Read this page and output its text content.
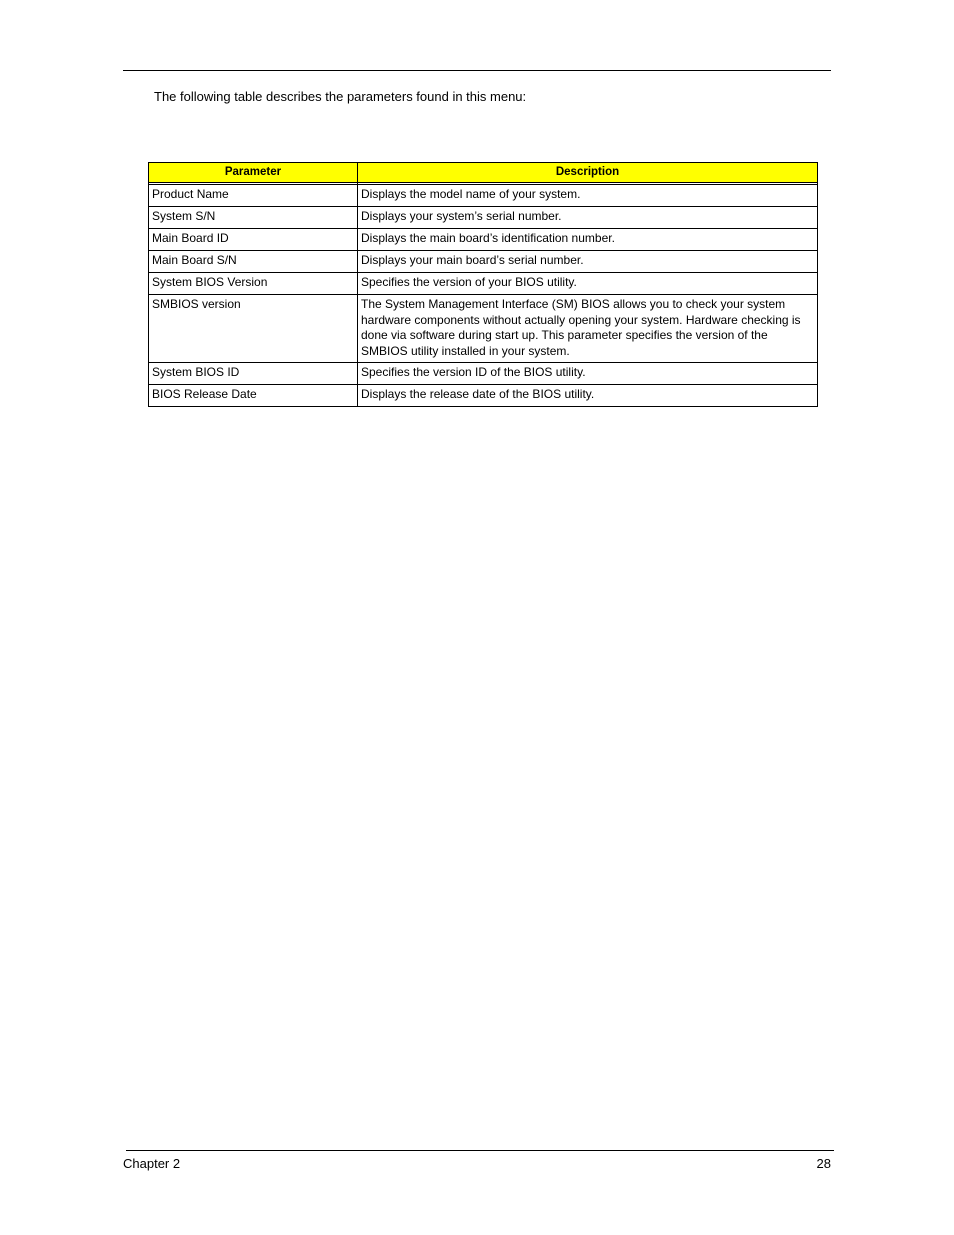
The following table describes the parameters found in this menu:

Parameter	Description

Product Name	Displays the model name of your system.
System S/N	Displays your system’s serial number.
Main Board ID	Displays the main board’s identification number.
Main Board S/N	Displays your main board’s serial number.
System BIOS Version	Specifies the version of your BIOS utility.
SMBIOS version	The System Management Interface (SM) BIOS allows you to check your system hardware components without actually opening your system. Hardware checking is done via software during start up. This parameter specifies the version of the SMBIOS utility installed in your system.
System BIOS ID	Specifies the version ID of the BIOS utility.
BIOS Release Date	Displays the release date of the BIOS utility.
Chapter 2	28
